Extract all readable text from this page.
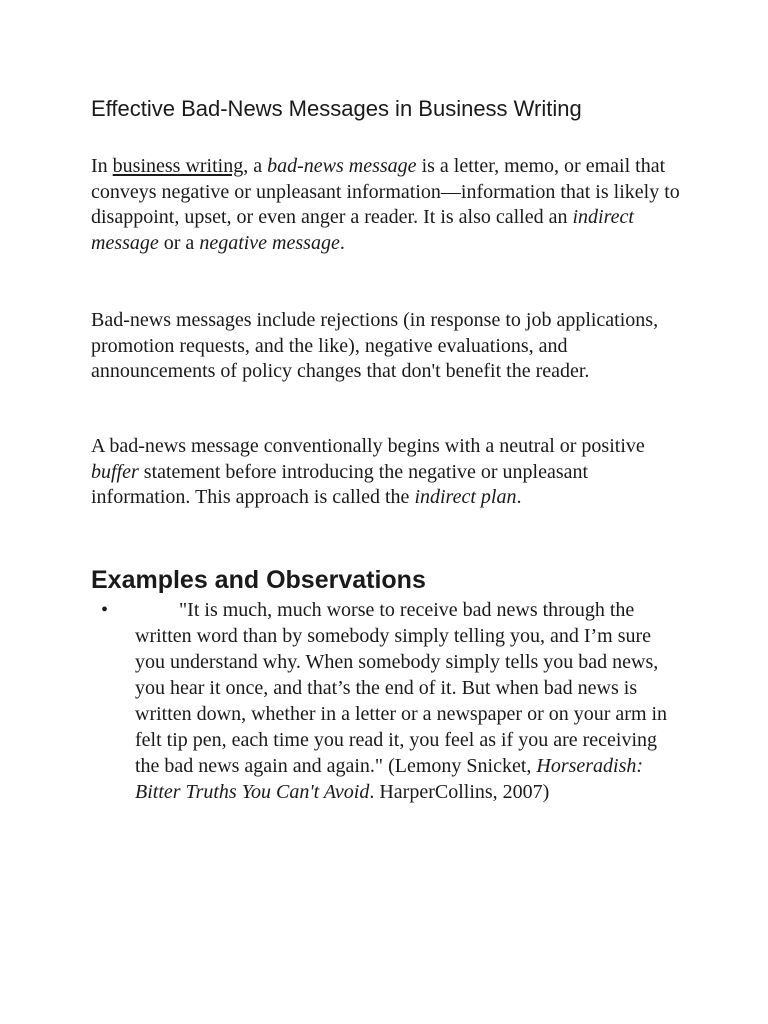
Effective Bad-News Messages in Business Writing

In business writing, a bad-news message is a letter, memo, or email that conveys negative or unpleasant information—information that is likely to disappoint, upset, or even anger a reader. It is also called an indirect message or a negative message.

Bad-news messages include rejections (in response to job applications, promotion requests, and the like), negative evaluations, and announcements of policy changes that don't benefit the reader.

A bad-news message conventionally begins with a neutral or positive buffer statement before introducing the negative or unpleasant information. This approach is called the indirect plan.

Examples and Observations
•	"It is much, much worse to receive bad news through the written word than by somebody simply telling you, and I’m sure you understand why. When somebody simply tells you bad news, you hear it once, and that’s the end of it. But when bad news is written down, whether in a letter or a newspaper or on your arm in felt tip pen, each time you read it, you feel as if you are receiving the bad news again and again." (Lemony Snicket, Horseradish: Bitter Truths You Can't Avoid. HarperCollins, 2007)
